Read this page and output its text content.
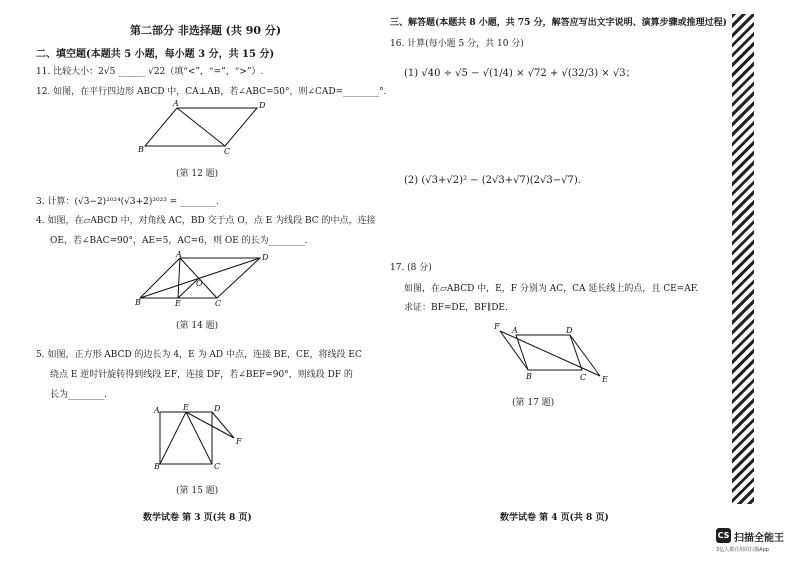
第二部分 非选择题 (共 90 分)
二、填空题(本题共 5 小题，每小题 3 分，共 15 分)
11. 比较大小：2√5 ______ √22（填“<”，“=”，“>”）.
12. 如图，在平行四边形 ABCD 中，CA⊥AB，若∠ABC=50°，则∠CAD=________°.
A	D
B	C
(第 12 题)
3. 计算：(√3−2)²⁰²⁴(√3+2)²⁰²³ = ________.
4. 如图，在▱ABCD 中，对角线 AC，BD 交于点 O，点 E 为线段 BC 的中点，连接
OE，若∠BAC=90°，AE=5，AC=6，则 OE 的长为________.
A	D
O
B	E	C
(第 14 题)
5. 如图，正方形 ABCD 的边长为 4，E 为 AD 中点，连接 BE，CE，将线段 EC
绕点 E 逆时针旋转得到线段 EF，连接 DF，若∠BEF=90°，则线段 DF 的
长为________.
A	E	D
F
B	C
(第 15 题)
数学试卷 第 3 页(共 8 页)
三、解答题(本题共 8 小题，共 75 分，解答应写出文字说明、演算步骤或推理过程)
16. 计算(每小题 5 分，共 10 分)
(1) √40 ÷ √5 − √(1/4) × √72 + √(32/3) × √3；
(2) (√3+√2)² − (2√3+√7)(2√3−√7).
17. (8 分)
如图，在▱ABCD 中，E，F 分别为 AC，CA 延长线上的点，且 CE=AF.
求证：BF=DE，BF∥DE.
F A	D
B	C E
(第 17 题)
数学试卷 第 4 页(共 8 页)
CS 扫描全能王
3亿人都在用的扫描App
